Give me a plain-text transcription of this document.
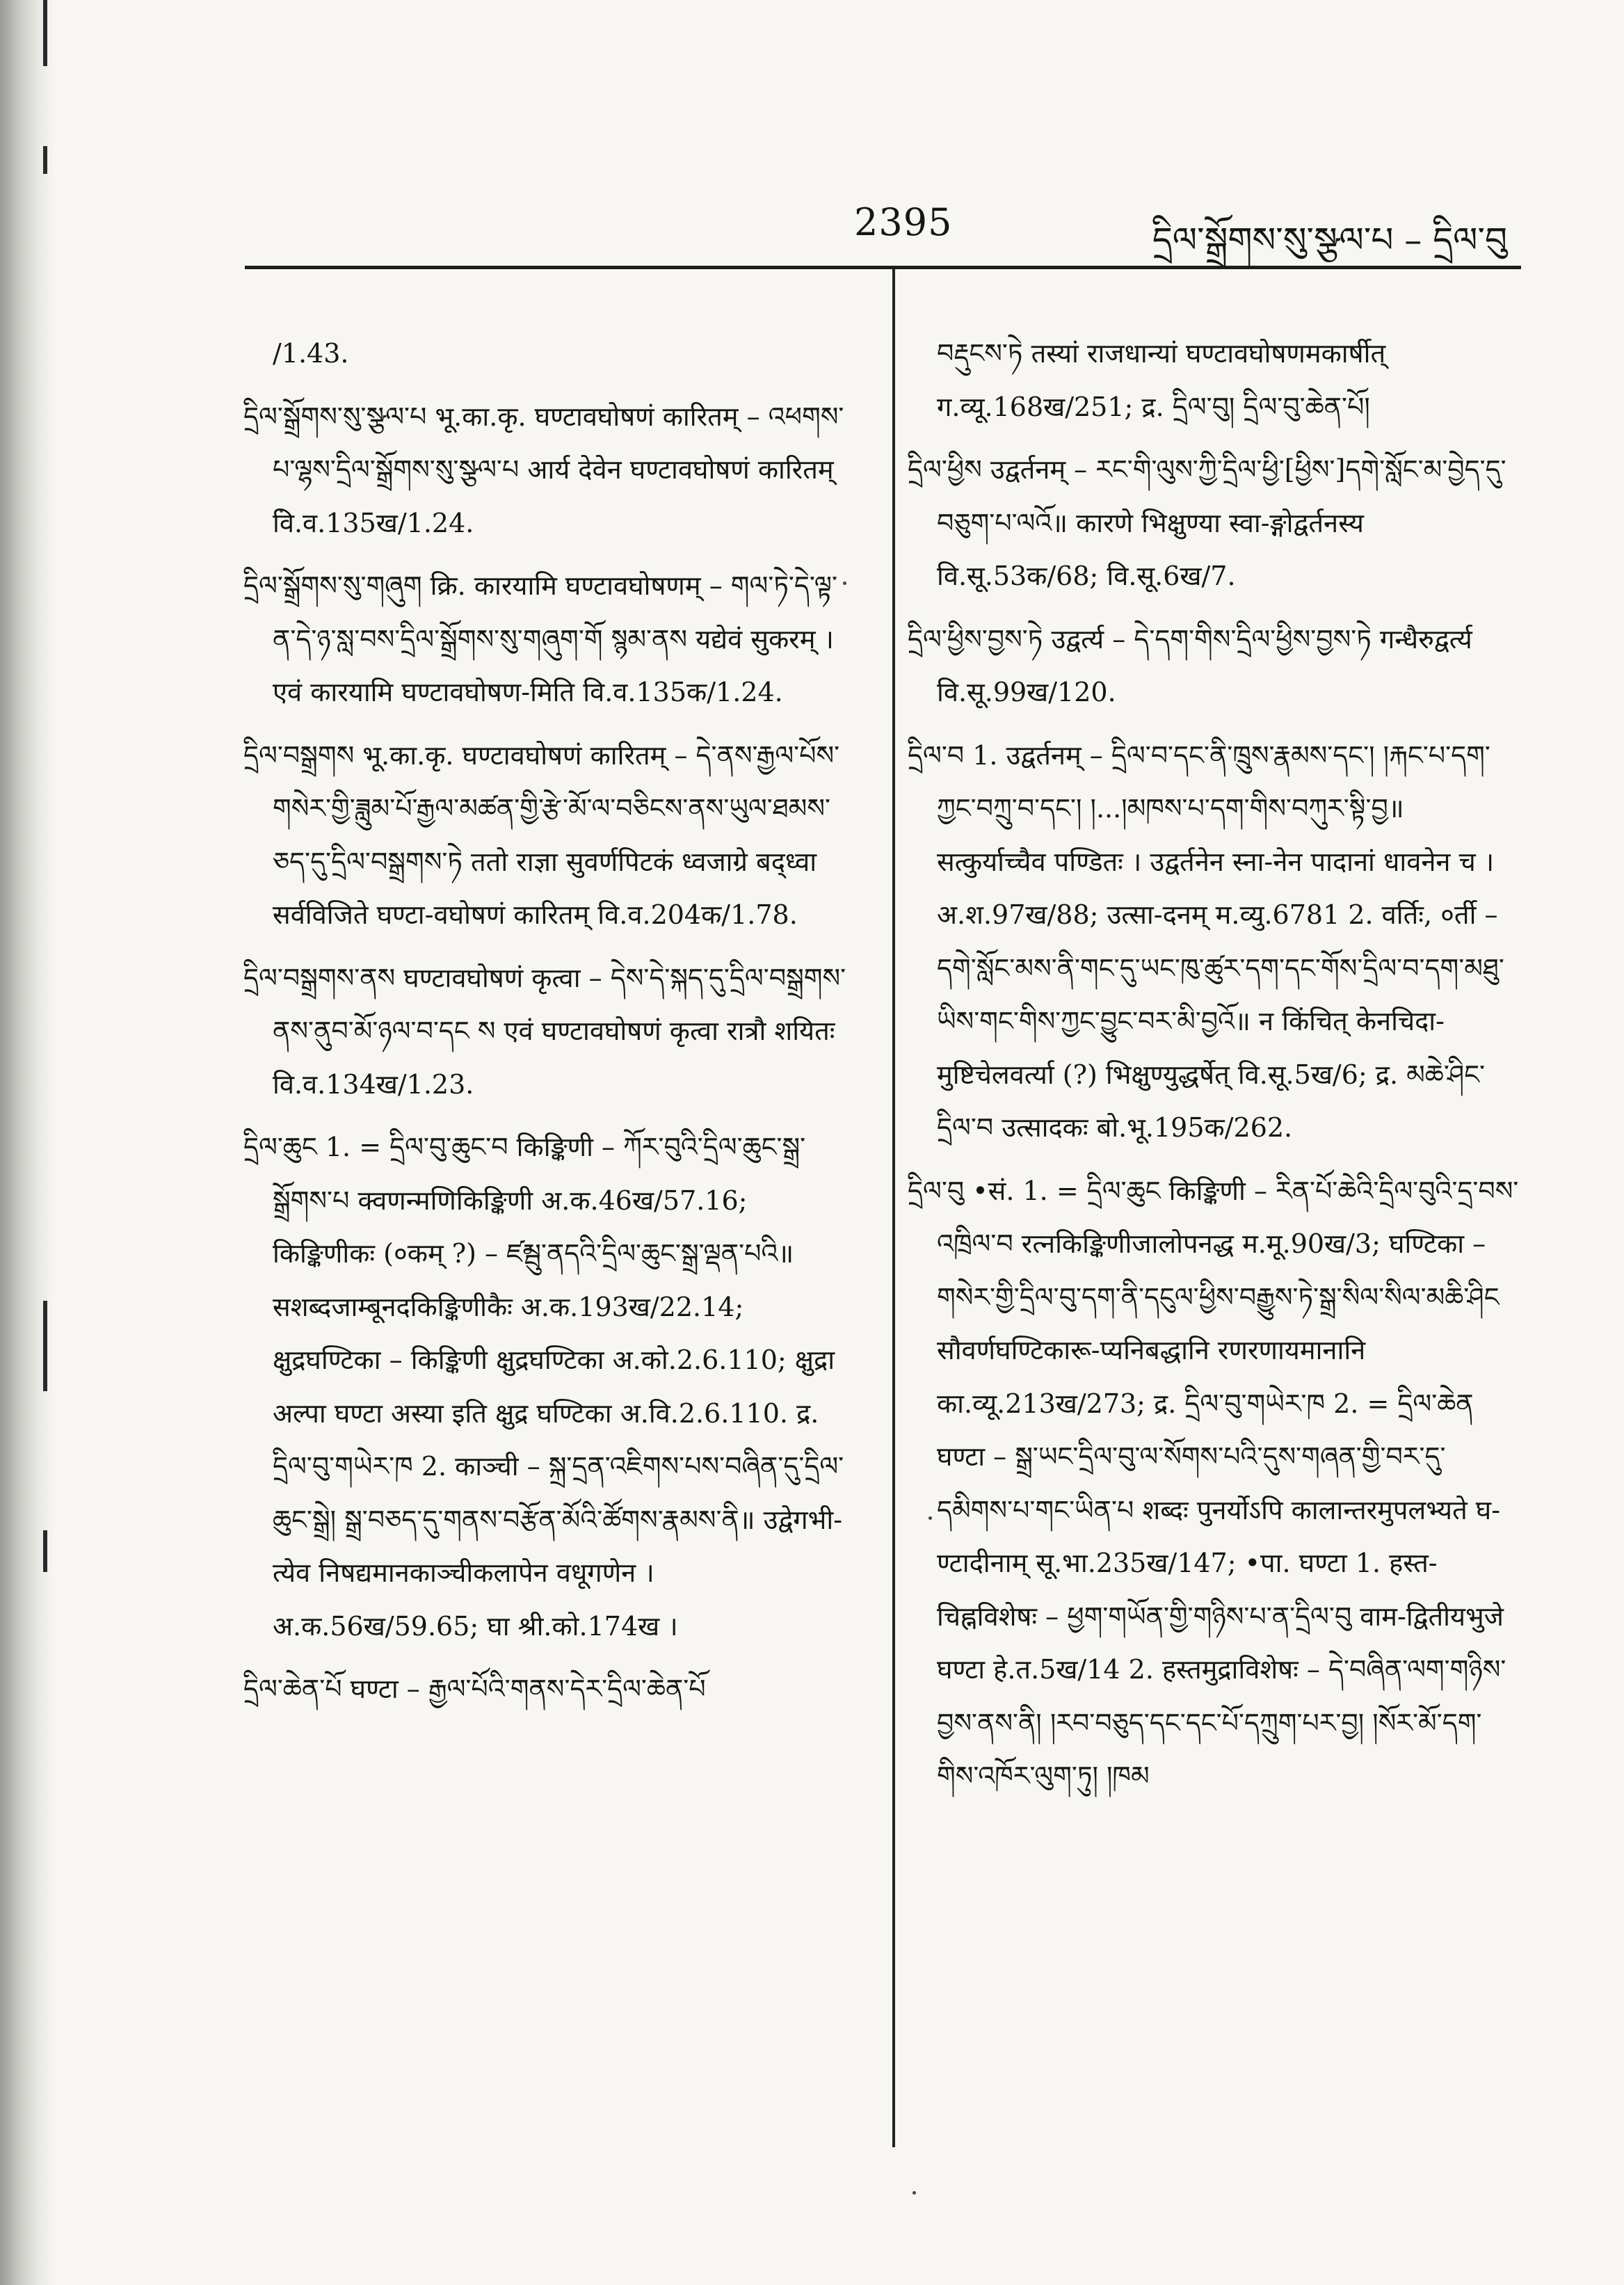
2395	དྲིལ་སྒྲོགས་སུ་སྩལ་པ – དྲིལ་བུ

/1.43.

དྲིལ་སྒྲོགས་སུ་སྩལ་པ भू.का.कृ. घण्टावघोषणं कारितम् – འཕགས་པ་ལྷས་དྲིལ་སྒྲོགས་སུ་སྩལ་པ आर्य देवेन घण्टावघोषणं कारितम् वि.व.135ख/1.24.

དྲིལ་སྒྲོགས་སུ་གཞུག क्रि. कारयामि घण्टावघोषणम् – གལ་ཏེ་དེ་ལྟ་ན་དེ་ཉ་སླ་བས་དྲིལ་སྒྲོགས་སུ་གཞུག་གོ སྙམ་ནས यद्येवं सुकरम् । एवं कारयामि घण्टावघोषण-मिति वि.व.135क/1.24.

དྲིལ་བསྒྲགས भू.का.कृ. घण्टावघोषणं कारितम् – དེ་ནས་རྒྱལ་པོས་གསེར་གྱི་ཟླུམ་པོ་རྒྱལ་མཚན་གྱི་རྩེ་མོ་ལ་བཅིངས་ནས་ཡུལ་ཐམས་ཅད་དུ་དྲིལ་བསྒྲགས་ཏེ ततो राज्ञा सुवर्णपिटकं ध्वजाग्रे बद्ध्वा सर्वविजिते घण्टा-वघोषणं कारितम् वि.व.204क/1.78.

དྲིལ་བསྒྲགས་ནས घण्टावघोषणं कृत्वा – དེས་དེ་སྐད་དུ་དྲིལ་བསྒྲགས་ནས་ནུབ་མོ་ཉལ་བ་དང ས एवं घण्टावघोषणं कृत्वा रात्रौ शयितः वि.व.134ख/1.23.

དྲིལ་ཆུང 1. = དྲིལ་བུ་ཆུང་བ किङ्किणी – ཀོར་བུའི་དྲིལ་ཆུང་སྒྲ་སྒྲོགས་པ क्वणन्मणिकिङ्किणी अ.क.46ख/57.16; किङ्किणीकः (०कम् ?) – ཛམྦུ་ནདའི་དྲིལ་ཆུང་སྒྲ་ལྡན་པའི॥ सशब्दजाम्बूनदकिङ्किणीकैः अ.क.193ख/22.14; क्षुद्रघण्टिका – किङ्किणी क्षुद्रघण्टिका अ.को.2.6.110; क्षुद्रा अल्पा घण्टा अस्या इति क्षुद्र घण्टिका अ.वि.2.6.110. द्र. དྲིལ་བུ་གཡེར་ཁ 2. काञ्ची – སྐྲ་དྲན་འཇིགས་པས་བཞིན་དུ་དྲིལ་ཆུང་སྒྲེ། སྒྲ་བཅད་དུ་གནས་བརྩོན་མོའི་ཚོགས་རྣམས་ནི॥ उद्वेगभी-त्येव निषद्यमानकाञ्चीकलापेन वधूगणेन । अ.क.56ख/59.65; घा श्री.को.174ख ।

དྲིལ་ཆེན་པོ घण्टा – རྒྱལ་པོའི་གནས་དེར་དྲིལ་ཆེན་པོ

བརྡུངས་ཏེ तस्यां राजधान्यां घण्टावघोषणमकार्षीत् ग.व्यू.168ख/251; द्र. དྲིལ་བུ། དྲིལ་བུ་ཆེན་པོ།

དྲིལ་ཕྱིས उद्वर्तनम् – རང་གི་ལུས་ཀྱི་དྲིལ་ཕྱི་[ཕྱིས་]དགེ་སློང་མ་བྱེད་དུ་བཅུག་པ་ལའོ॥ कारणे भिक्षुण्या स्वा-ङ्गोद्वर्तनस्य वि.सू.53क/68; वि.सू.6ख/7.

དྲིལ་ཕྱིས་བྱས་ཏེ उद्वर्त्य – དེ་དག་གིས་དྲིལ་ཕྱིས་བྱས་ཏེ गन्धैरुद्वर्त्य वि.सू.99ख/120.

དྲིལ་བ 1. उद्वर्तनम् – དྲིལ་བ་དང་ནི་ཁྲུས་རྣམས་དང་། །རྐང་པ་དག་ཀྱང་བཀྲུ་བ་དང་། །...།མཁས་པ་དག་གིས་བཀུར་སྟི་བྱ॥ सत्कुर्याच्चैव पण्डितः । उद्वर्तनेन स्ना-नेन पादानां धावनेन च । अ.श.97ख/88; उत्सा-दनम् म.व्यु.6781 2. वर्तिः, ०र्ती – དགེ་སློང་མས་ནི་གང་དུ་ཡང་ཁུ་ཚུར་དག་དང་གོས་དྲིལ་བ་དག་མཐུ་ཡིས་གང་གིས་ཀྱང་བྱུང་བར་མི་བྱའོ॥ न किंचित् केनचिदा-मुष्टिचेलवर्त्या (?) भिक्षुण्युद्धर्षेत् वि.सू.5ख/6; द्र. མཆེ་ཤིང་དྲིལ་བ उत्सादकः बो.भू.195क/262.

དྲིལ་བུ •सं. 1. = དྲིལ་ཆུང किङ्किणी – རིན་པོ་ཆེའི་དྲིལ་བུའི་དྲ་བས་འཁྲིལ་བ रत्नकिङ्किणीजालोपनद्ध म.मू.90ख/3; घण्टिका – གསེར་གྱི་དྲིལ་བུ་དག་ནི་དངུལ་ཕྱིས་བརྒྱུས་ཏེ་སྒྲ་སིལ་སིལ་མཆི་ཤིང सौवर्णघण्टिकारू-प्यनिबद्धानि रणरणायमानानि का.व्यू.213ख/273; द्र. དྲིལ་བུ་གཡེར་ཁ 2. = དྲིལ་ཆེན घण्टा – སྒྲ་ཡང་དྲིལ་བུ་ལ་སོགས་པའི་དུས་གཞན་གྱི་བར་དུ་དམིགས་པ་གང་ཡིན་པ शब्दः पुनर्योऽपि कालान्तरमुपलभ्यते घ-ण्टादीनाम् सू.भा.235ख/147; •पा. घण्टा 1. हस्त-चिह्नविशेषः – ཕྱག་གཡོན་གྱི་གཉིས་པ་ན་དྲིལ་བུ वाम-द्वितीयभुजे घण्टा हे.त.5ख/14 2. हस्तमुद्राविशेषः – དེ་བཞིན་ལག་གཉིས་བྱས་ནས་ནི། །རབ་བཅུད་དང་དང་པོ་དཀྲུག་པར་བྱ། །སོར་མོ་དག་གིས་འཁོར་ལུག་ཏུ། །ཁམ
